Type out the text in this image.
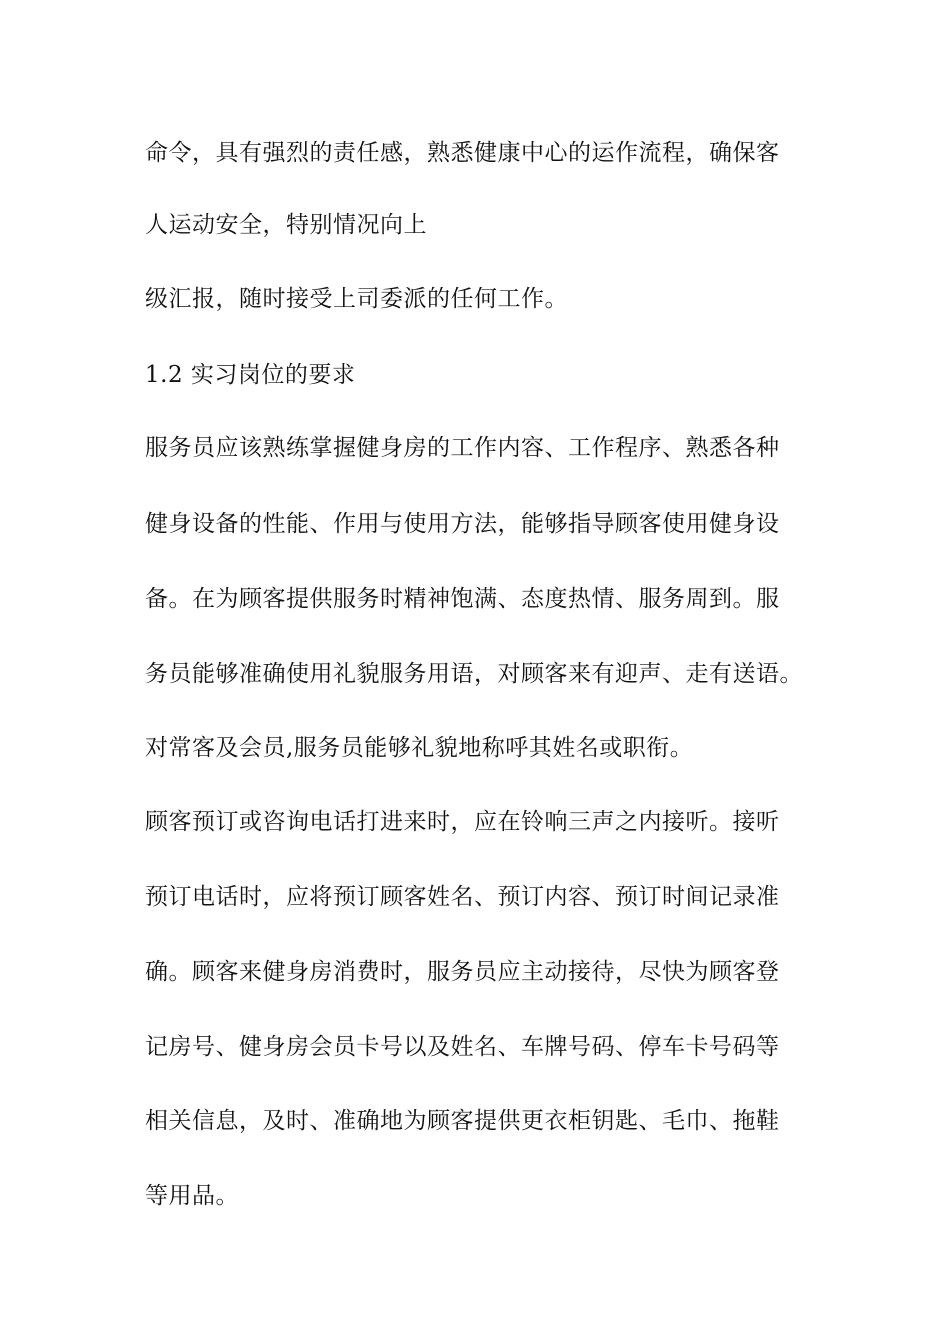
命令，具有强烈的责任感，熟悉健康中心的运作流程，确保客

人运动安全，特别情况向上

级汇报，随时接受上司委派的任何工作。

1.2 实习岗位的要求

服务员应该熟练掌握健身房的工作内容、工作程序、熟悉各种

健身设备的性能、作用与使用方法，能够指导顾客使用健身设

备。在为顾客提供服务时精神饱满、态度热情、服务周到。服

务员能够准确使用礼貌服务用语，对顾客来有迎声、走有送语。

对常客及会员,服务员能够礼貌地称呼其姓名或职衔。

顾客预订或咨询电话打进来时，应在铃响三声之内接听。接听

预订电话时，应将预订顾客姓名、预订内容、预订时间记录准

确。顾客来健身房消费时，服务员应主动接待，尽快为顾客登

记房号、健身房会员卡号以及姓名、车牌号码、停车卡号码等

相关信息，及时、准确地为顾客提供更衣柜钥匙、毛巾、拖鞋

等用品。
